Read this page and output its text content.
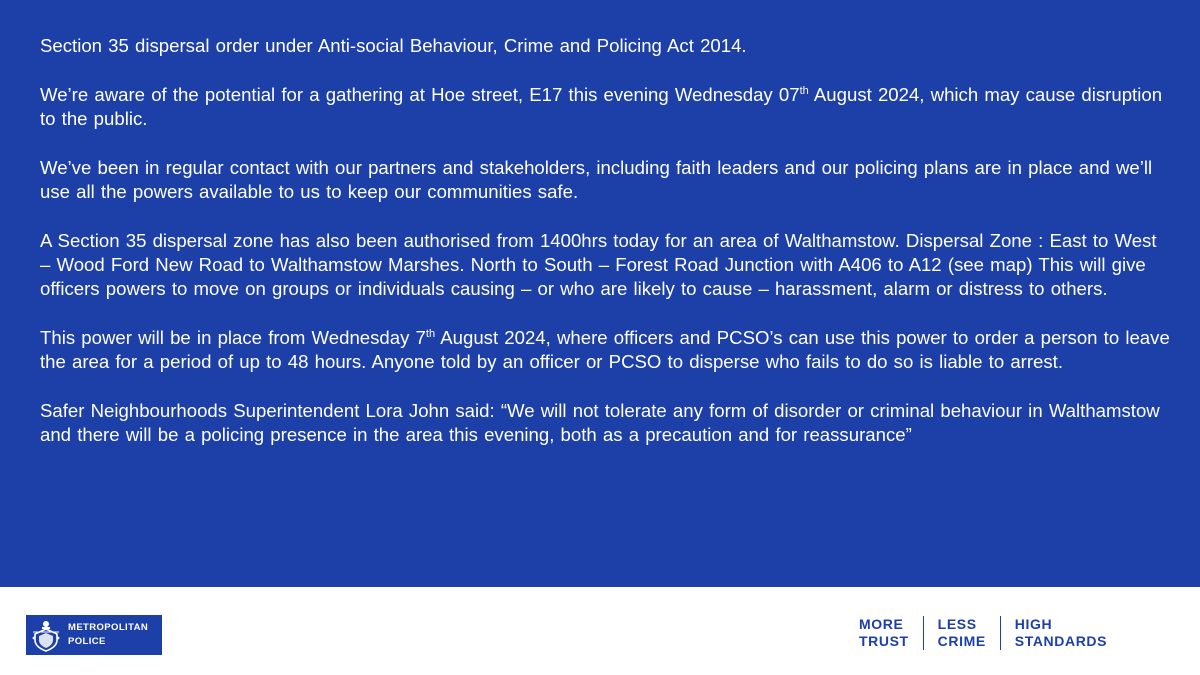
Section 35 dispersal order under Anti-social Behaviour, Crime and Policing Act 2014.

We’re aware of the potential for a gathering at Hoe street, E17 this evening Wednesday 07th August 2024, which may cause disruption to the public.

We’ve been in regular contact with our partners and stakeholders, including faith leaders and our policing plans are in place and we’ll use all the powers available to us to keep our communities safe.

A Section 35 dispersal zone has also been authorised from 1400hrs today for an area of Walthamstow. Dispersal Zone : East to West – Wood Ford New Road to Walthamstow Marshes. North to South – Forest Road Junction with A406 to A12 (see map) This will give officers powers to move on groups or individuals causing – or who are likely to cause – harassment, alarm or distress to others.

This power will be in place from Wednesday 7th August 2024, where officers and PCSO’s can use this power to order a person to leave the area for a period of up to 48 hours. Anyone told by an officer or PCSO to disperse who fails to do so is liable to arrest.

Safer Neighbourhoods Superintendent Lora John said: “We will not tolerate any form of disorder or criminal behaviour in Walthamstow and there will be a policing presence in the area this evening, both as a precaution and for reassurance”

METROPOLITAN
POLICE
MORE
TRUST
LESS
CRIME
HIGH
STANDARDS
